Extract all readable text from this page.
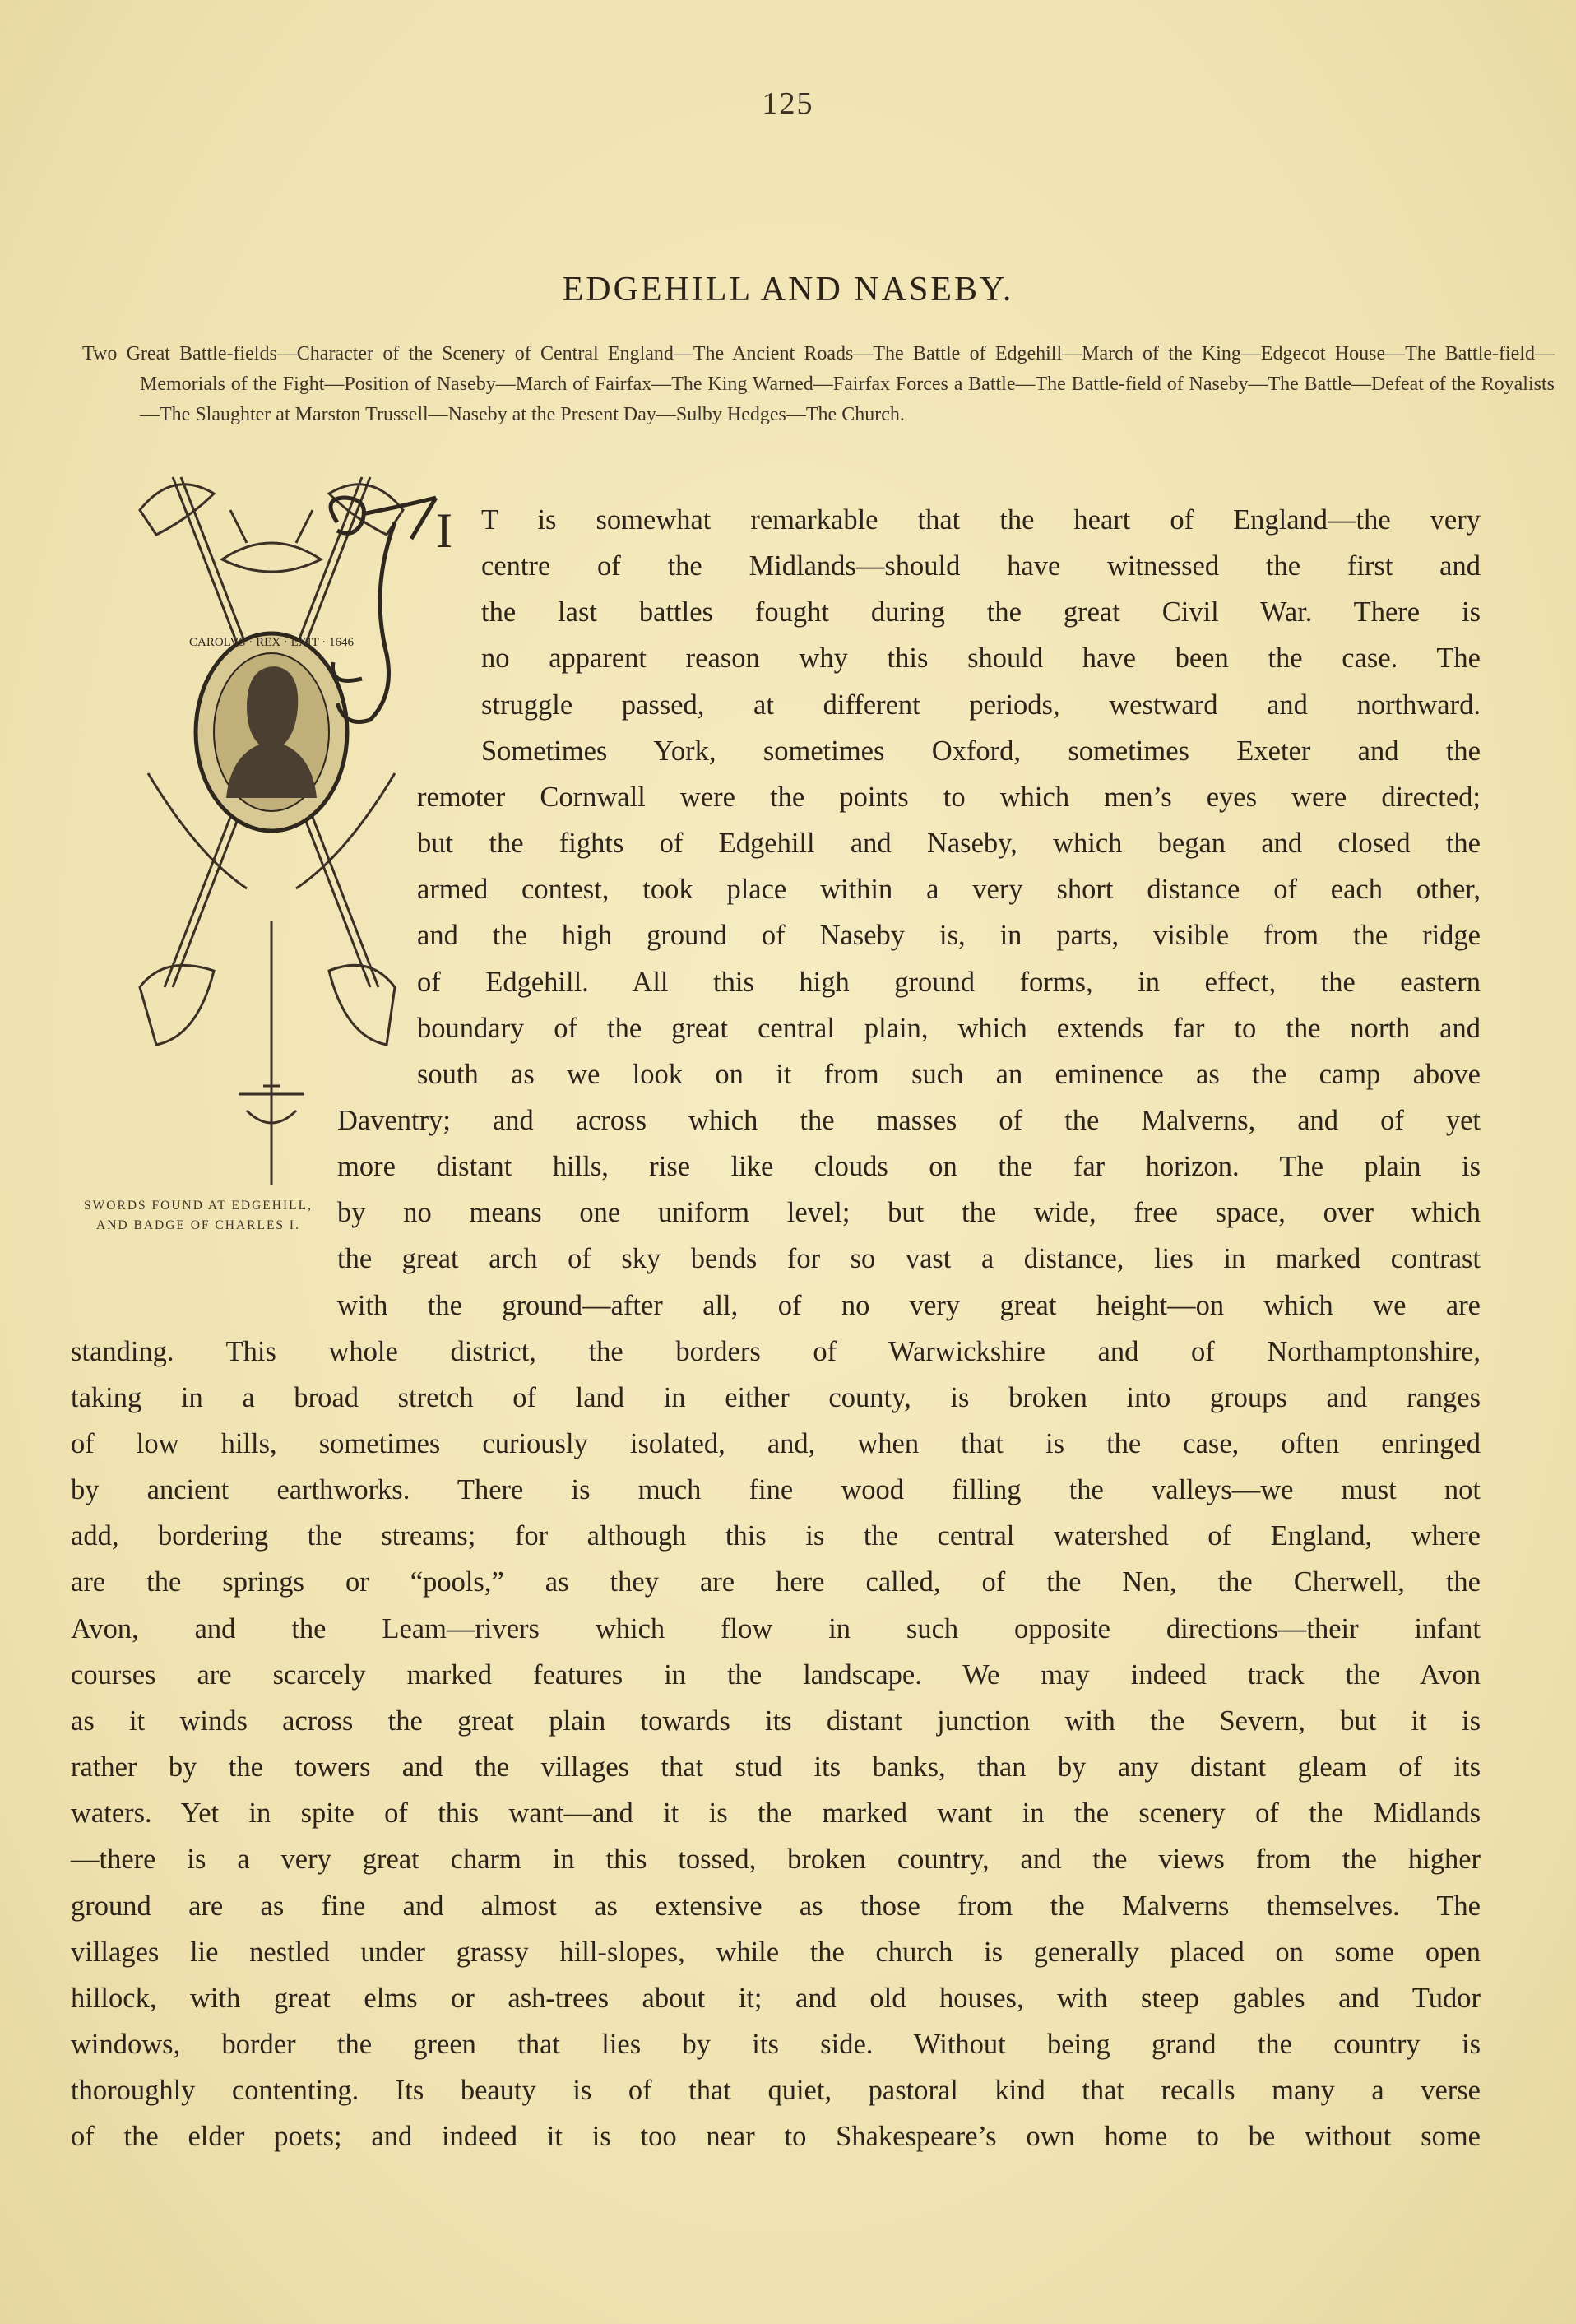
125
EDGEHILL AND NASEBY.
Two Great Battle-fields—Character of the Scenery of Central England—The Ancient Roads—The Battle of Edgehill—March of the King—Edgecot House—The Battle-field—Memorials of the Fight—Position of Naseby—March of Fairfax—The King Warned—Fairfax Forces a Battle—The Battle-field of Naseby—The Battle—Defeat of the Royalists—The Slaughter at Marston Trussell—Naseby at the Present Day—Sulby Hedges—The Church.
CAROLVS · REX · EXIT · 1646
SWORDS FOUND AT EDGEHILL, AND BADGE OF CHARLES I.
I T is somewhat remarkable that the heart of England—the very
centre of the Midlands—should have witnessed the first and
the last battles fought during the great Civil War. There is
no apparent reason why this should have been the case. The
struggle passed, at different periods, westward and northward.
Sometimes York, sometimes Oxford, sometimes Exeter and the
remoter Cornwall were the points to which men’s eyes were directed;
but the fights of Edgehill and Naseby, which began and closed the
armed contest, took place within a very short distance of each other,
and the high ground of Naseby is, in parts, visible from the ridge
of Edgehill. All this high ground forms, in effect, the eastern
boundary of the great central plain, which extends far to the north and
south as we look on it from such an eminence as the camp above
Daventry; and across which the masses of the Malverns, and of yet
more distant hills, rise like clouds on the far horizon. The plain is
by no means one uniform level; but the wide, free space, over which
the great arch of sky bends for so vast a distance, lies in marked contrast
with the ground—after all, of no very great height—on which we are
standing. This whole district, the borders of Warwickshire and of Northamptonshire,
taking in a broad stretch of land in either county, is broken into groups and ranges
of low hills, sometimes curiously isolated, and, when that is the case, often enringed
by ancient earthworks. There is much fine wood filling the valleys—we must not
add, bordering the streams; for although this is the central watershed of England, where
are the springs or “pools,” as they are here called, of the Nen, the Cherwell, the
Avon, and the Leam—rivers which flow in such opposite directions—their infant
courses are scarcely marked features in the landscape. We may indeed track the Avon
as it winds across the great plain towards its distant junction with the Severn, but it is
rather by the towers and the villages that stud its banks, than by any distant gleam of its
waters. Yet in spite of this want—and it is the marked want in the scenery of the Midlands
—there is a very great charm in this tossed, broken country, and the views from the higher
ground are as fine and almost as extensive as those from the Malverns themselves. The
villages lie nestled under grassy hill-slopes, while the church is generally placed on some open
hillock, with great elms or ash-trees about it; and old houses, with steep gables and Tudor
windows, border the green that lies by its side. Without being grand the country is
thoroughly contenting. Its beauty is of that quiet, pastoral kind that recalls many a verse
of the elder poets; and indeed it is too near to Shakespeare’s own home to be without some
